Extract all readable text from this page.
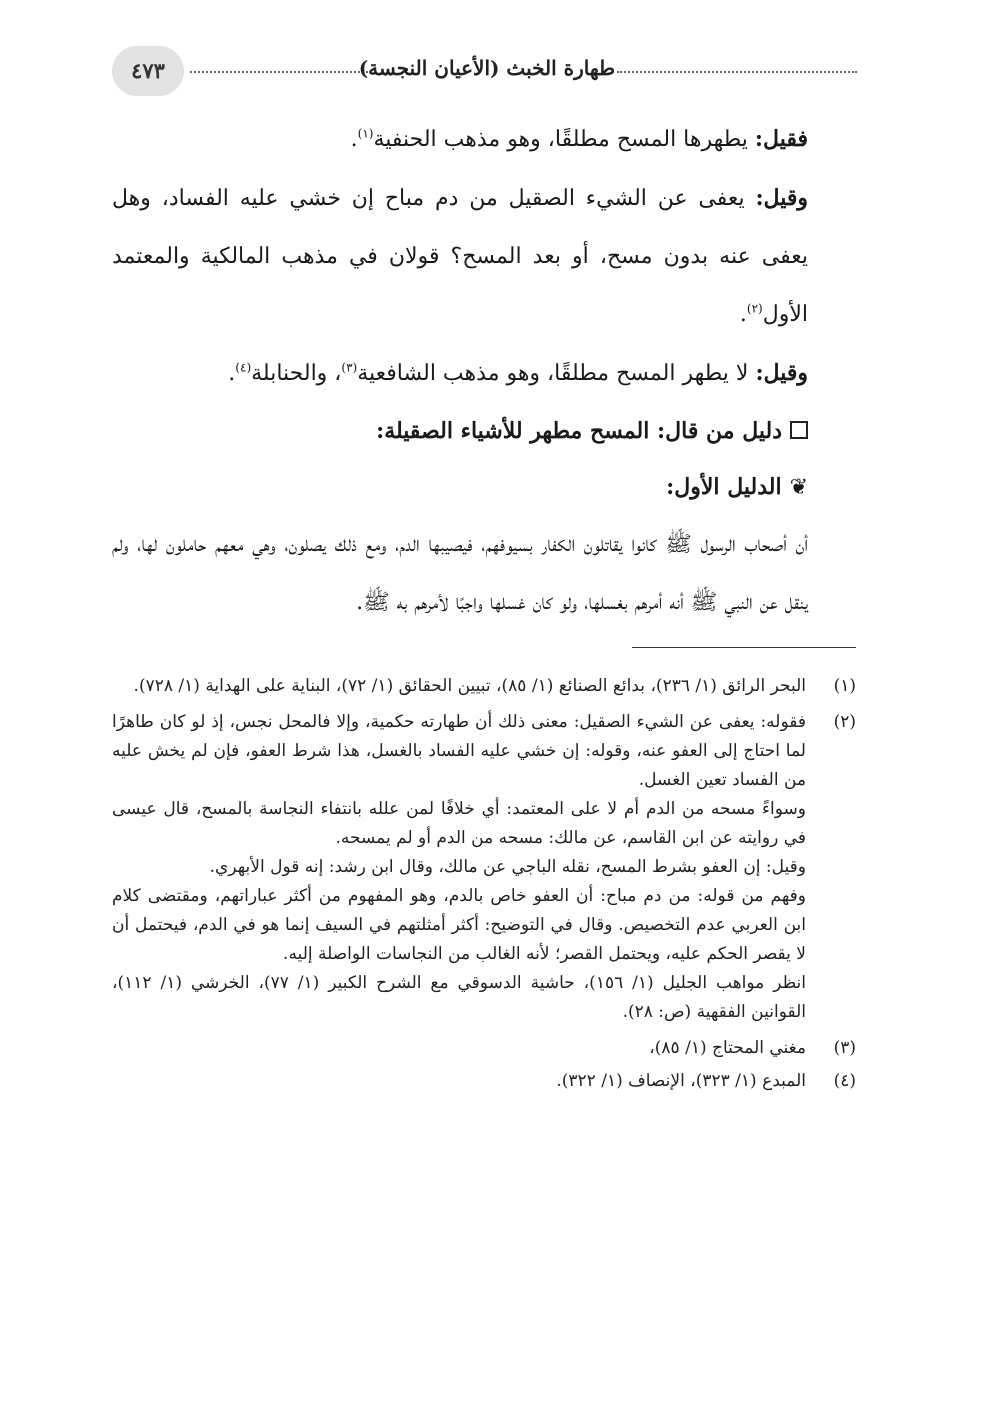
٤٧٣	طهارة الخبث (الأعيان النجسة)

فقيل: يطهرها المسح مطلقًا، وهو مذهب الحنفية$^{(١)}$.

وقيل: يعفى عن الشيء الصقيل من دم مباح إن خشي عليه الفساد، وهل يعفى عنه بدون مسح، أو بعد المسح؟ قولان في مذهب المالكية والمعتمد الأول$^{(٢)}$.

وقيل: لا يطهر المسح مطلقًا، وهو مذهب الشافعية$^{(٣)}$، والحنابلة$^{(٤)}$.

دليل من قال: المسح مطهر للأشياء الصقيلة:

❦الدليل الأول:

أن أصحاب الرسول ﷺ كانوا يقاتلون الكفار بسيوفهم، فيصيبها الدم، ومع ذلك يصلون، وهي معهم حاملون لها، ولم ينقل عن النبي ﷺ أنه أمرهم بغسلها، ولو كان غسلها واجبًا لأمرهم به ﷺ.

(١)

البحر الرائق (١/ ٢٣٦)، بدائع الصنائع (١/ ٨٥)، تبيين الحقائق (١/ ٧٢)، البناية على الهداية (١/ ٧٢٨).

(٢)

فقوله: يعفى عن الشيء الصقيل: معنى ذلك أن طهارته حكمية، وإلا فالمحل نجس، إذ لو كان طاهرًا لما احتاج إلى العفو عنه، وقوله: إن خشي عليه الفساد بالغسل، هذا شرط العفو، فإن لم يخش عليه من الفساد تعين الغسل.

وسواءً مسحه من الدم أم لا على المعتمد: أي خلافًا لمن علله بانتفاء النجاسة بالمسح، قال عيسى في روايته عن ابن القاسم، عن مالك: مسحه من الدم أو لم يمسحه.

وقيل: إن العفو بشرط المسح، نقله الباجي عن مالك، وقال ابن رشد: إنه قول الأبهري.

وفهم من قوله: من دم مباح: أن العفو خاص بالدم، وهو المفهوم من أكثر عباراتهم، ومقتضى كلام ابن العربي عدم التخصيص. وقال في التوضيح: أكثر أمثلتهم في السيف إنما هو في الدم، فيحتمل أن لا يقصر الحكم عليه، ويحتمل القصر؛ لأنه الغالب من النجاسات الواصلة إليه.

انظر مواهب الجليل (١/ ١٥٦)، حاشية الدسوقي مع الشرح الكبير (١/ ٧٧)، الخرشي (١/ ١١٢)، القوانين الفقهية (ص: ٢٨).

(٣)

مغني المحتاج (١/ ٨٥)،

(٤)

المبدع (١/ ٣٢٣)، الإنصاف (١/ ٣٢٢).
